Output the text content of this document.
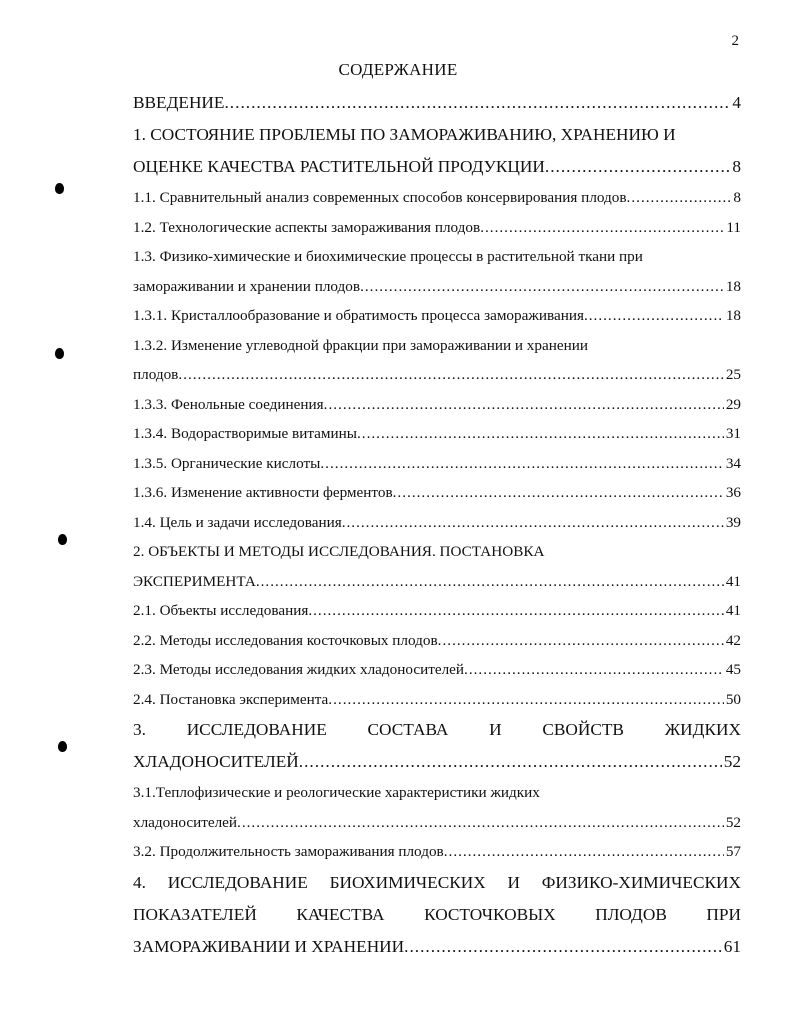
2
СОДЕРЖАНИЕ
ВВЕДЕНИЕ .....	4
1. СОСТОЯНИЕ ПРОБЛЕМЫ ПО ЗАМОРАЖИВАНИЮ, ХРАНЕНИЮ И
ОЦЕНКЕ КАЧЕСТВА РАСТИТЕЛЬНОЙ ПРОДУКЦИИ .....	8
1.1. Сравнительный анализ современных способов консервирования плодов .....	8
1.2. Технологические аспекты замораживания плодов .....	11
1.3. Физико-химические и биохимические процессы в растительной ткани при
замораживании и хранении плодов .....	18
1.3.1. Кристаллообразование и обратимость процесса замораживания .....	18
1.3.2. Изменение углеводной фракции при замораживании и хранении
плодов .....	25
1.3.3. Фенольные соединения .....	29
1.3.4. Водорастворимые витамины .....	31
1.3.5. Органические кислоты .....	34
1.3.6. Изменение активности ферментов .....	36
1.4. Цель и задачи исследования .....	39
2. ОБЪЕКТЫ И МЕТОДЫ ИССЛЕДОВАНИЯ. ПОСТАНОВКА
ЭКСПЕРИМЕНТА .....	41
2.1. Объекты исследования .....	41
2.2. Методы исследования косточковых плодов .....	42
2.3. Методы исследования жидких хладоносителей .....	45
2.4. Постановка эксперимента .....	50
3. ИССЛЕДОВАНИЕ СОСТАВА И СВОЙСТВ ЖИДКИХ
ХЛАДОНОСИТЕЛЕЙ .....	52
3.1.Теплофизические и реологические характеристики жидких
хладоносителей .....	52
3.2. Продолжительность замораживания плодов .....	57
4. ИССЛЕДОВАНИЕ БИОХИМИЧЕСКИХ И ФИЗИКО-ХИМИЧЕСКИХ
ПОКАЗАТЕЛЕЙ КАЧЕСТВА КОСТОЧКОВЫХ ПЛОДОВ ПРИ
ЗАМОРАЖИВАНИИ И ХРАНЕНИИ .....	61
